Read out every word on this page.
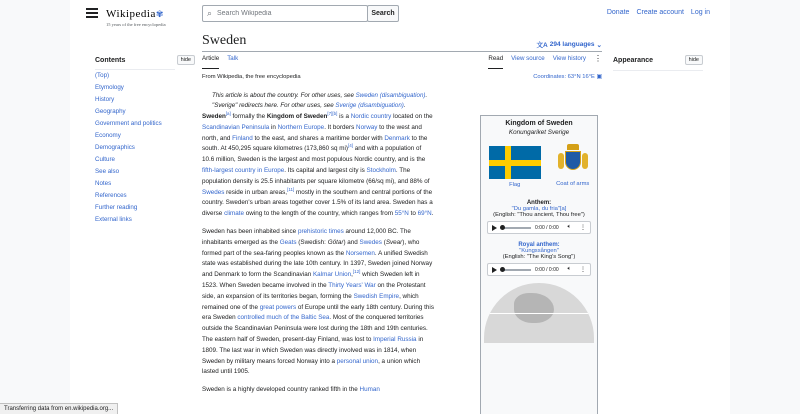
Wikipedia✾
15 years of the free encyclopedia
⌕
Search Wikipedia	Search	Donate Create account Log in
Contents	hide
(Top)
Etymology
History
Geography
Government and politics
Economy
Demographics
Culture
See also
Notes
References
Further reading
External links
Sweden	文A 294 languages ⌄
Article Talk	Read View source View history ⋮
From Wikipedia, the free encyclopedia	Coordinates: 63°N 16°E ▣
This article is about the country. For other uses, see Sweden (disambiguation).
"Sverige" redirects here. For other uses, see Sverige (disambiguation).

Sweden[a] formally the Kingdom of Sweden[7][b] is a Nordic country located on the Scandinavian Peninsula in Northern Europe. It borders Norway to the west and north, and Finland to the east, and shares a maritime border with Denmark to the south. At 450,295 square kilometres (173,860 sq mi)[4] and with a population of 10.6 million, Sweden is the largest and most populous Nordic country, and is the fifth-largest country in Europe. Its capital and largest city is Stockholm. The population density is 25.5 inhabitants per square kilometre (66/sq mi), and 88% of Swedes reside in urban areas,[11] mostly in the southern and central portions of the country. Sweden's urban areas together cover 1.5% of its land area. Sweden has a diverse climate owing to the length of the country, which ranges from 55°N to 69°N.

Sweden has been inhabited since prehistoric times around 12,000 BC. The inhabitants emerged as the Geats (Swedish: Götar) and Swedes (Svear), who formed part of the sea-faring peoples known as the Norsemen. A unified Swedish state was established during the late 10th century. In 1397, Sweden joined Norway and Denmark to form the Scandinavian Kalmar Union,[12] which Sweden left in 1523. When Sweden became involved in the Thirty Years' War on the Protestant side, an expansion of its territories began, forming the Swedish Empire, which remained one of the great powers of Europe until the early 18th century. During this era Sweden controlled much of the Baltic Sea. Most of the conquered territories outside the Scandinavian Peninsula were lost during the 18th and 19th centuries. The eastern half of Sweden, present-day Finland, was lost to Imperial Russia in 1809. The last war in which Sweden was directly involved was in 1814, when Sweden by military means forced Norway into a personal union, a union which lasted until 1905.

Sweden is a highly developed country ranked fifth in the Human

Kingdom of Sweden
Konungariket Sverige
Flag	Coat of arms
Anthem:
"Du gamla, du fria"[a]
(English: "Thou ancient, Thou free")
0:00 / 0:00 🔈︎ ⋮
Royal anthem:
"Kungssången"
(English: "The King's Song")
0:00 / 0:00 🔈︎ ⋮
Appearance	hide
Transferring data from en.wikipedia.org...
